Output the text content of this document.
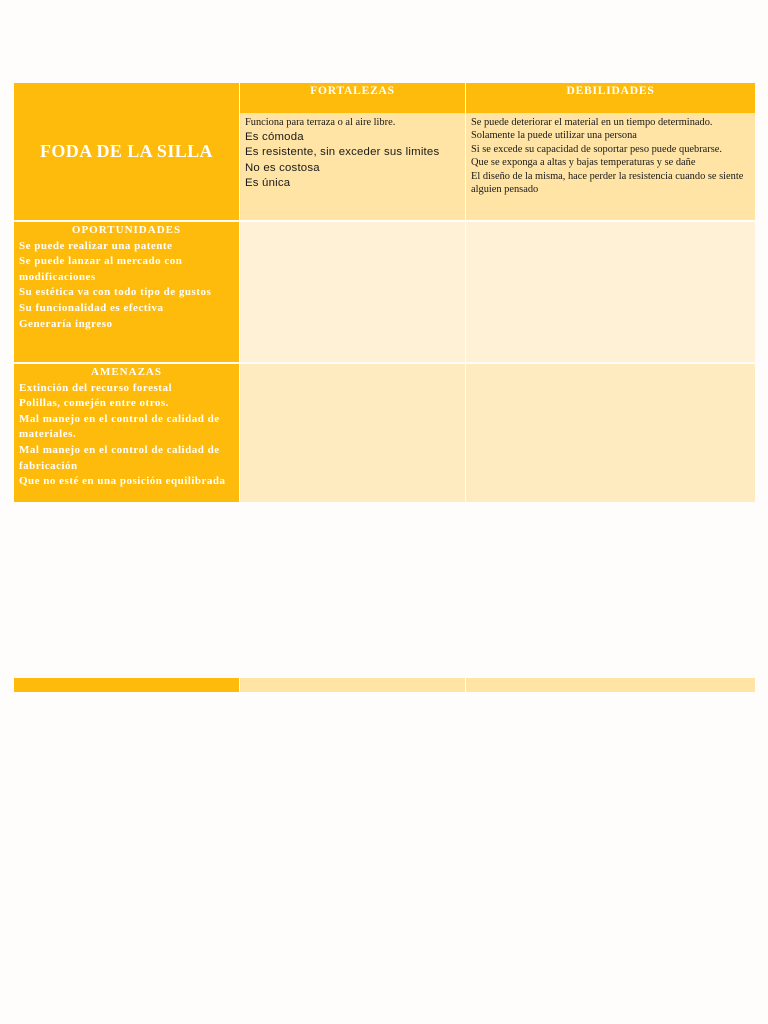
FODA DE LA SILLA
FORTALEZAS	DEBILIDADES
Funciona para terraza o al aire libre.
Es cómoda
Es resistente, sin exceder sus limites
No es costosa
Es única
Se puede deteriorar el material en un tiempo determinado.
Solamente la puede utilizar una persona
Si se excede su capacidad de soportar peso puede quebrarse.
Que se exponga a altas y bajas temperaturas y se dañe
El diseño de la misma, hace perder la resistencia cuando se siente alguien pensado
OPORTUNIDADES
Se puede realizar una patente
Se puede lanzar al mercado con modificaciones
Su estética va con todo tipo de gustos
Su funcionalidad es efectiva
Generaría ingreso
AMENAZAS
Extinción del recurso forestal
Polillas, comején entre otros.
Mal manejo en el control de calidad de materiales.
Mal manejo en el control de calidad de fabricación
Que no esté en una posición equilibrada
